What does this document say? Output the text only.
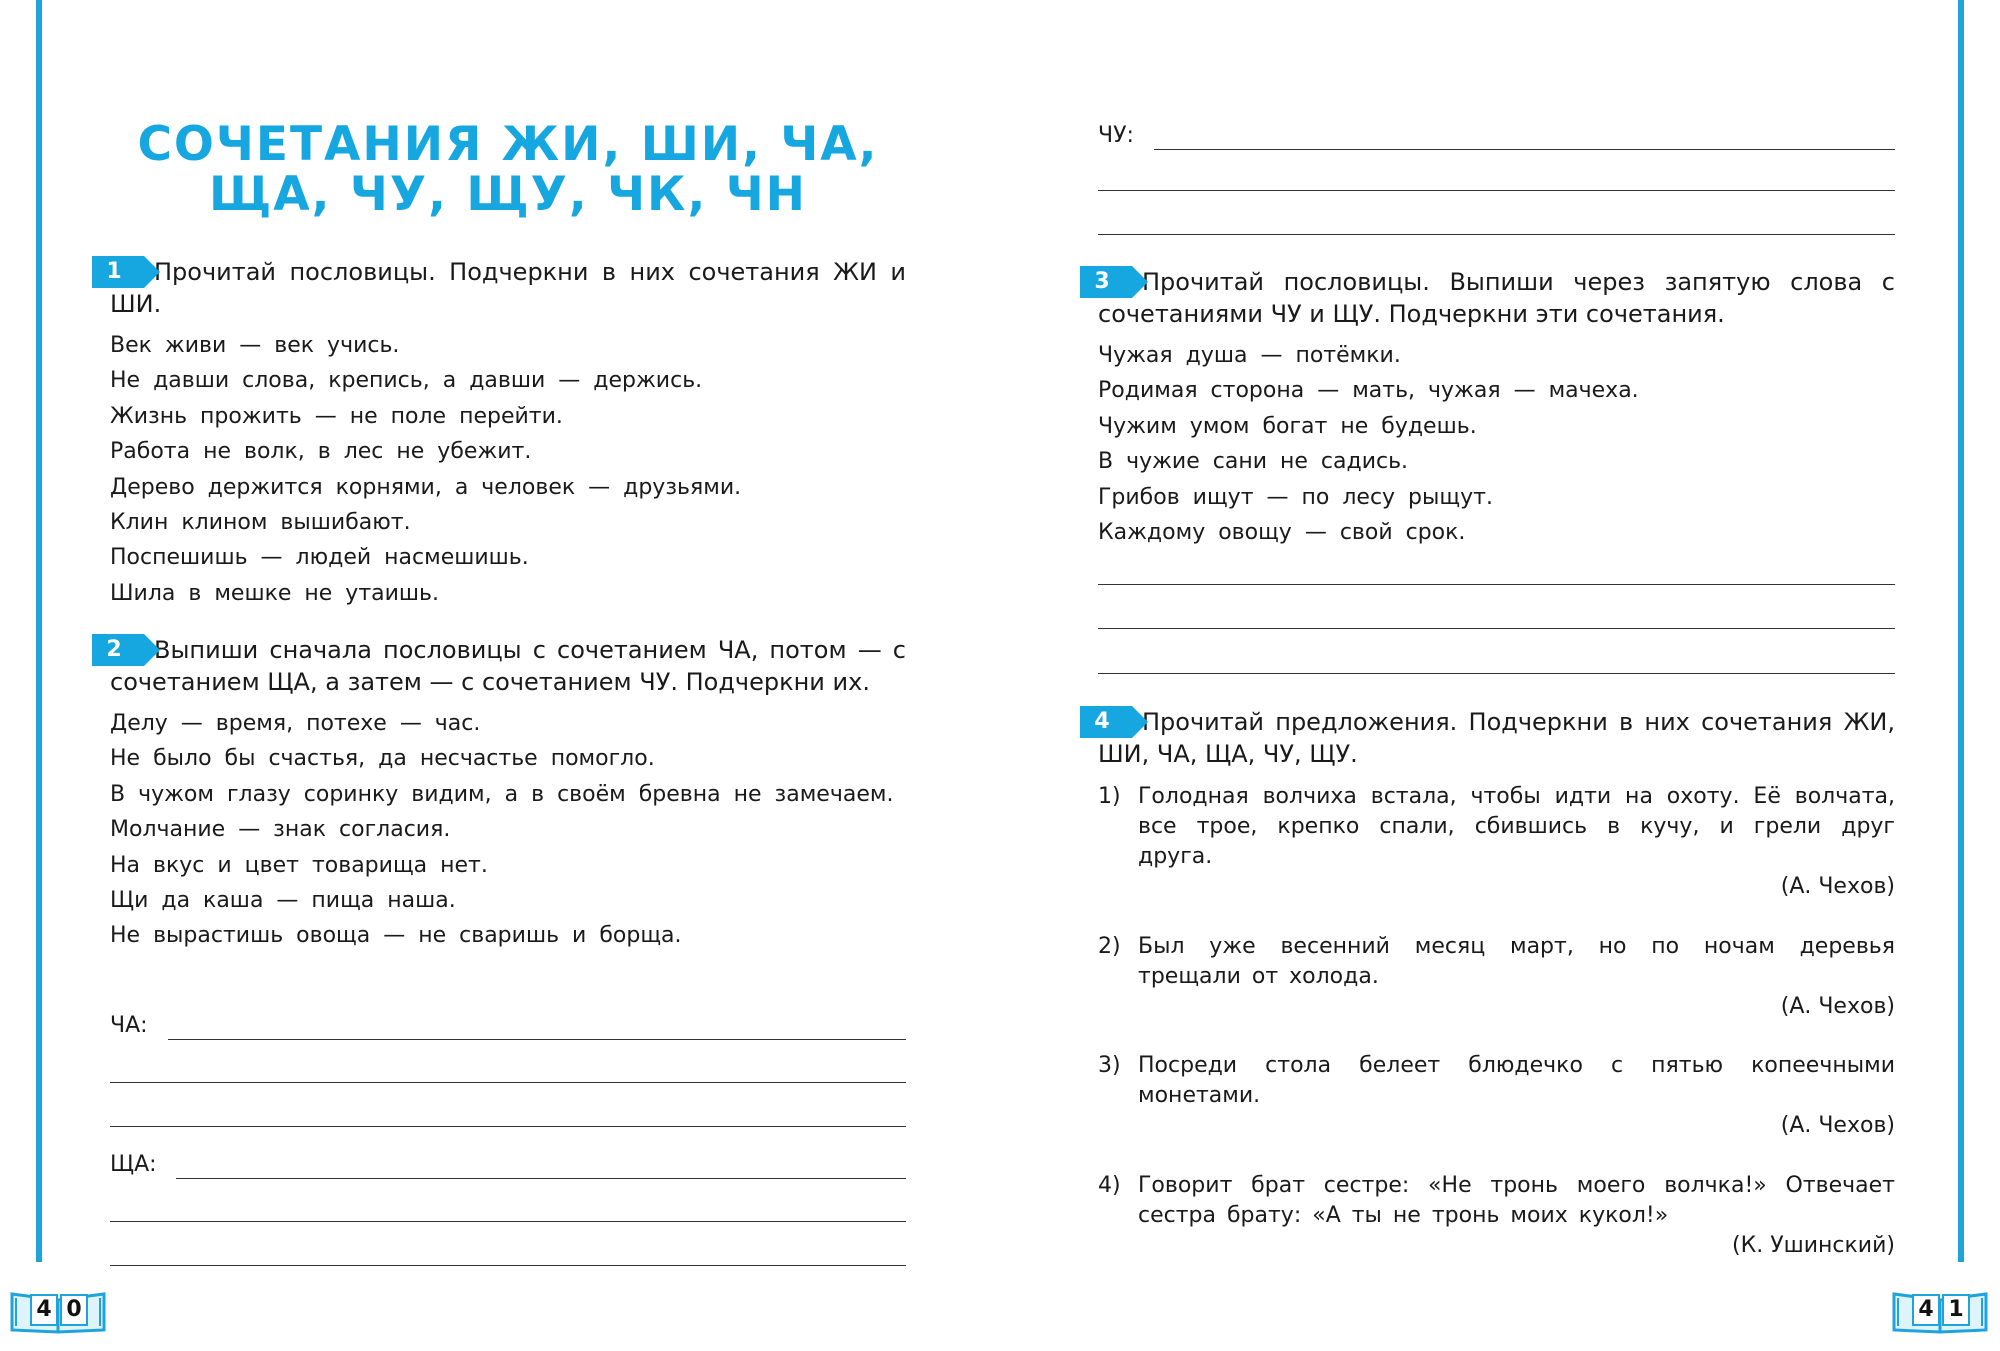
СОЧЕТАНИЯ ЖИ, ШИ, ЧА,
ЩА, ЧУ, ЩУ, ЧК, ЧН
1 Прочитай пословицы. Подчеркни в них сочетания ЖИ и ШИ.
Век живи — век учись.
Не давши слова, крепись, а давши — держись.
Жизнь прожить — не поле перейти.
Работа не волк, в лес не убежит.
Дерево держится корнями, а человек — друзьями.
Клин клином вышибают.
Поспешишь — людей насмешишь.
Шила в мешке не утаишь.
2 Выпиши сначала пословицы с сочетанием ЧА, потом — с сочетанием ЩА, а затем — с сочетанием ЧУ. Подчеркни их.
Делу — время, потехе — час.
Не было бы счастья, да несчастье помогло.
В чужом глазу соринку видим, а в своём бревна не замечаем.
Молчание — знак согласия.
На вкус и цвет товарища нет.
Щи да каша — пища наша.
Не вырастишь овоща — не сваришь и борща.
ЧА:
ЩА:
ЧУ:
3 Прочитай пословицы. Выпиши через запятую слова с сочетаниями ЧУ и ЩУ. Подчеркни эти сочетания.
Чужая душа — потёмки.
Родимая сторона — мать, чужая — мачеха.
Чужим умом богат не будешь.
В чужие сани не садись.
Грибов ищут — по лесу рыщут.
Каждому овощу — свой срок.
4 Прочитай предложения. Подчеркни в них сочетания ЖИ, ШИ, ЧА, ЩА, ЧУ, ЩУ.
1) Голодная волчиха встала, чтобы идти на охоту. Её волчата, все трое, крепко спали, сбившись в кучу, и грели друг друга.
(А. Чехов)
2) Был уже весенний месяц март, но по ночам деревья трещали от холода.
(А. Чехов)
3) Посреди стола белеет блюдечко с пятью копеечными монетами.
(А. Чехов)
4) Говорит брат сестре: «Не тронь моего волчка!» Отвечает сестра брату: «А ты не тронь моих кукол!»
(К. Ушинский)
4 0	4 1
